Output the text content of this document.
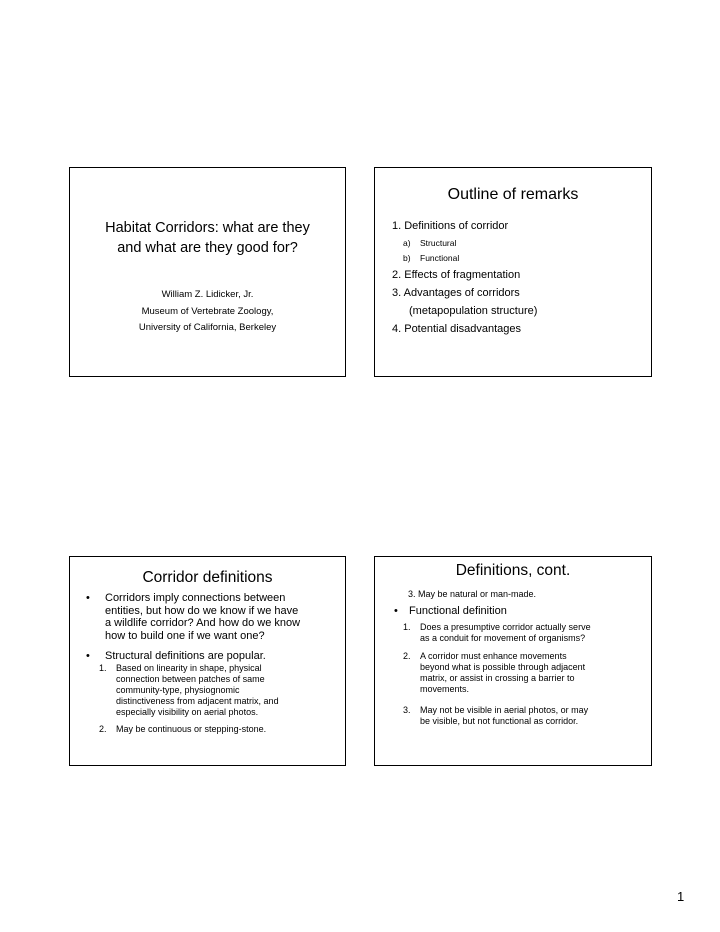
Habitat Corridors: what are they
and what are they good for?
William Z. Lidicker, Jr.
Museum of Vertebrate Zoology,
University of California, Berkeley
Outline of remarks
1. Definitions of corridor
a) Structural
b) Functional
2. Effects of fragmentation
3. Advantages of corridors
(metapopulation structure)
4. Potential disadvantages
Corridor definitions
• Corridors imply connections between
entities, but how do we know if we have
a wildlife corridor? And how do we know
how to build one if we want one?
• Structural definitions are popular.
1. Based on linearity in shape, physical
connection between patches of same
community-type, physiognomic
distinctiveness from adjacent matrix, and
especially visibility on aerial photos.
2. May be continuous or stepping-stone.
Definitions, cont.
3. May be natural or man-made.
• Functional definition
1. Does a presumptive corridor actually serve
as a conduit for movement of organisms?
2. A corridor must enhance movements
beyond what is possible through adjacent
matrix, or assist in crossing a barrier to
movements.
3. May not be visible in aerial photos, or may
be visible, but not functional as corridor.
1
